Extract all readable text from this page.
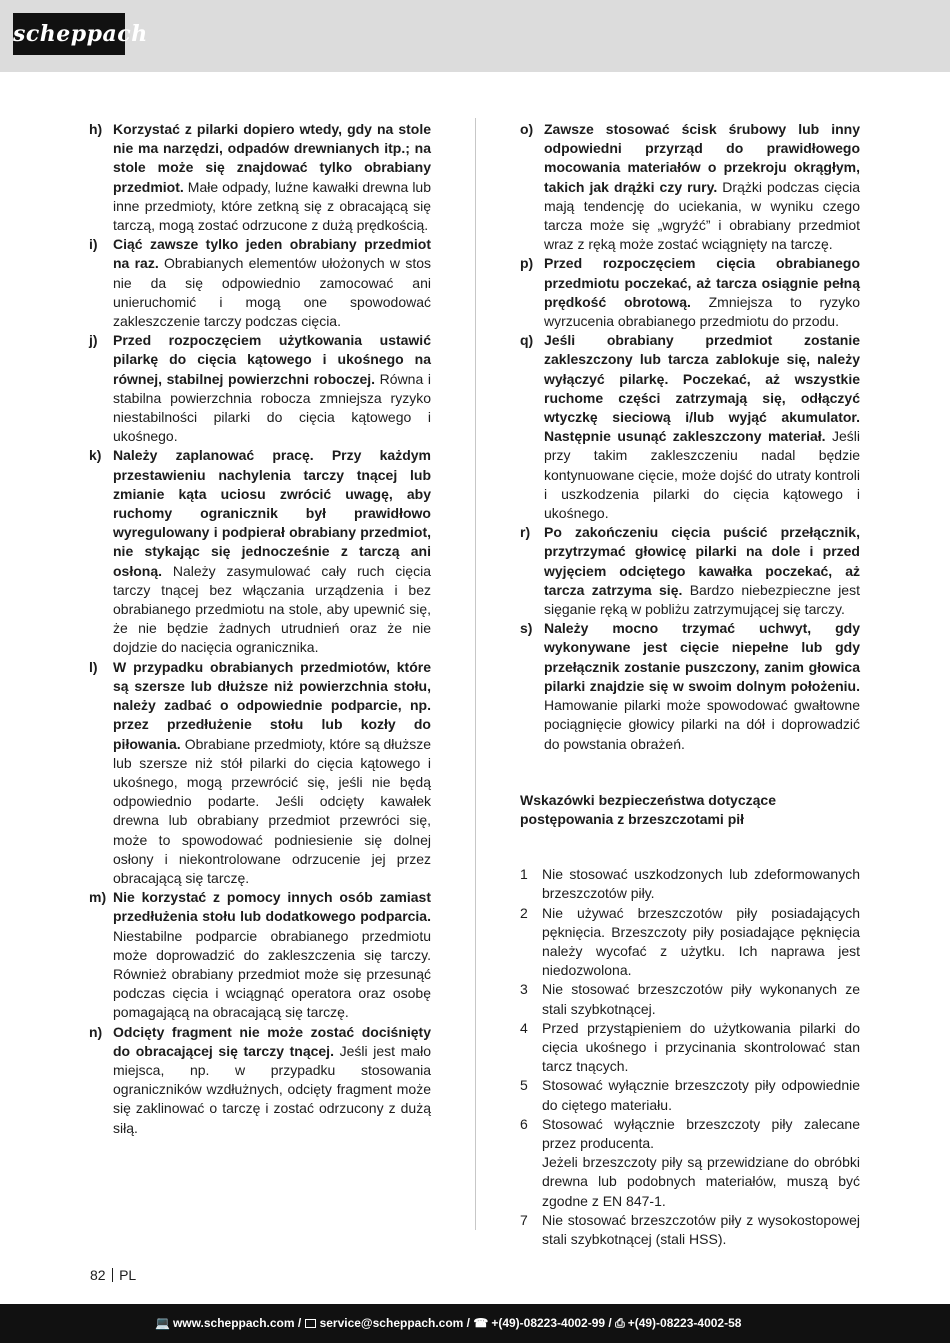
scheppach
h) Korzystać z pilarki dopiero wtedy, gdy na stole nie ma narzędzi, odpadów drewnianych itp.; na stole może się znajdować tylko obrabiany przedmiot. Małe odpady, luźne kawałki drewna lub inne przedmioty, które zetkną się z obracającą się tarczą, mogą zostać odrzucone z dużą prędkością.
i) Ciąć zawsze tylko jeden obrabiany przedmiot na raz. Obrabianych elementów ułożonych w stos nie da się odpowiednio zamocować ani unieruchomić i mogą one spowodować zakleszczenie tarczy podczas cięcia.
j) Przed rozpoczęciem użytkowania ustawić pilarkę do cięcia kątowego i ukośnego na równej, stabilnej powierzchni roboczej. Równa i stabilna powierzchnia robocza zmniejsza ryzyko niestabilności pilarki do cięcia kątowego i ukośnego.
k) Należy zaplanować pracę. Przy każdym przestawieniu nachylenia tarczy tnącej lub zmianie kąta uciosu zwrócić uwagę, aby ruchomy ogranicznik był prawidłowo wyregulowany i podpierał obrabiany przedmiot, nie stykając się jednocześnie z tarczą ani osłoną. Należy zasymulować cały ruch cięcia tarczy tnącej bez włączania urządzenia i bez obrabianego przedmiotu na stole, aby upewnić się, że nie będzie żadnych utrudnień oraz że nie dojdzie do nacięcia ogranicznika.
l) W przypadku obrabianych przedmiotów, które są szersze lub dłuższe niż powierzchnia stołu, należy zadbać o odpowiednie podparcie, np. przez przedłużenie stołu lub kozły do piłowania. Obrabiane przedmioty, które są dłuższe lub szersze niż stół pilarki do cięcia kątowego i ukośnego, mogą przewrócić się, jeśli nie będą odpowiednio podarte. Jeśli odcięty kawałek drewna lub obrabiany przedmiot przewróci się, może to spowodować podniesienie się dolnej osłony i niekontrolowane odrzucenie jej przez obracającą się tarczę.
m) Nie korzystać z pomocy innych osób zamiast przedłużenia stołu lub dodatkowego podparcia. Niestabilne podparcie obrabianego przedmiotu może doprowadzić do zakleszczenia się tarczy. Również obrabiany przedmiot może się przesunąć podczas cięcia i wciągnąć operatora oraz osobę pomagającą na obracającą się tarczę.
n) Odcięty fragment nie może zostać dociśnięty do obracającej się tarczy tnącej. Jeśli jest mało miejsca, np. w przypadku stosowania ograniczników wzdłużnych, odcięty fragment może się zaklinować o tarczę i zostać odrzucony z dużą siłą.
o) Zawsze stosować ścisk śrubowy lub inny odpowiedni przyrząd do prawidłowego mocowania materiałów o przekroju okrągłym, takich jak drążki czy rury. Drążki podczas cięcia mają tendencję do uciekania, w wyniku czego tarcza może się „wgryźć” i obrabiany przedmiot wraz z ręką może zostać wciągnięty na tarczę.
p) Przed rozpoczęciem cięcia obrabianego przedmiotu poczekać, aż tarcza osiągnie pełną prędkość obrotową. Zmniejsza to ryzyko wyrzucenia obrabianego przedmiotu do przodu.
q) Jeśli obrabiany przedmiot zostanie zakleszczony lub tarcza zablokuje się, należy wyłączyć pilarkę. Poczekać, aż wszystkie ruchome części zatrzymają się, odłączyć wtyczkę sieciową i/lub wyjąć akumulator. Następnie usunąć zakleszczony materiał. Jeśli przy takim zakleszczeniu nadal będzie kontynuowane cięcie, może dojść do utraty kontroli i uszkodzenia pilarki do cięcia kątowego i ukośnego.
r) Po zakończeniu cięcia puścić przełącznik, przytrzymać głowicę pilarki na dole i przed wyjęciem odciętego kawałka poczekać, aż tarcza zatrzyma się. Bardzo niebezpieczne jest sięganie ręką w pobliżu zatrzymującej się tarczy.
s) Należy mocno trzymać uchwyt, gdy wykonywane jest cięcie niepełne lub gdy przełącznik zostanie puszczony, zanim głowica pilarki znajdzie się w swoim dolnym położeniu. Hamowanie pilarki może spowodować gwałtowne pociągnięcie głowicy pilarki na dół i doprowadzić do powstania obrażeń.
Wskazówki bezpieczeństwa dotyczące postępowania z brzeszczotami pił
1 Nie stosować uszkodzonych lub zdeformowanych brzeszczotów piły.
2 Nie używać brzeszczotów piły posiadających pęknięcia. Brzeszczoty piły posiadające pęknięcia należy wycofać z użytku. Ich naprawa jest niedozwolona.
3 Nie stosować brzeszczotów piły wykonanych ze stali szybkotnącej.
4 Przed przystąpieniem do użytkowania pilarki do cięcia ukośnego i przycinania skontrolować stan tarcz tnących.
5 Stosować wyłącznie brzeszczoty piły odpowiednie do ciętego materiału.
6 Stosować wyłącznie brzeszczoty piły zalecane przez producenta.
Jeżeli brzeszczoty piły są przewidziane do obróbki drewna lub podobnych materiałów, muszą być zgodne z EN 847-1.
7 Nie stosować brzeszczotów piły z wysokostopowej stali szybkotnącej (stali HSS).
82 PL
💻 www.scheppach.com / service@scheppach.com / ☎ +(49)-08223-4002-99 / ⎙ +(49)-08223-4002-58
